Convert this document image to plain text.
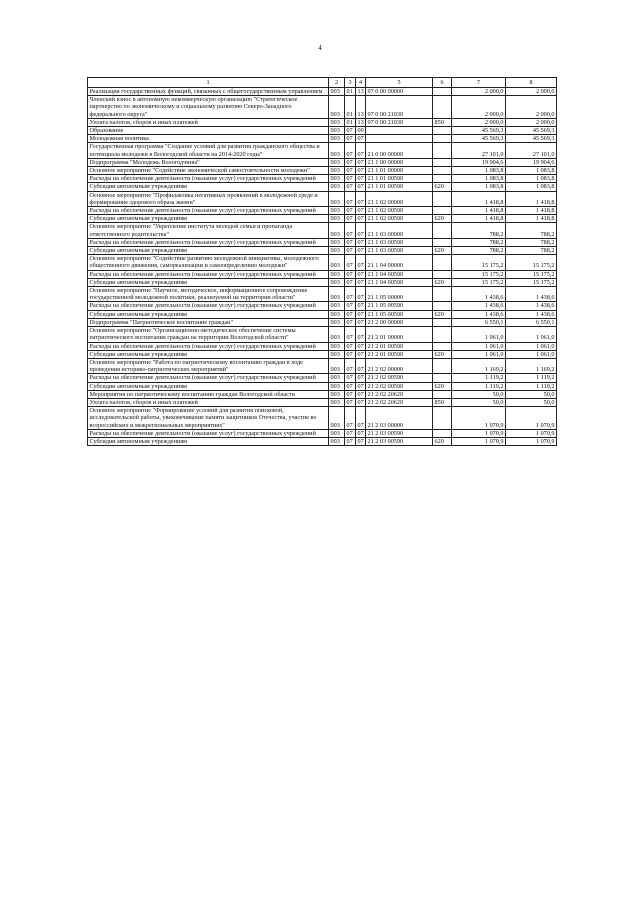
4
1	2	3	4	5	6	7	8
Реализация государственных функций, связанных с общегосударственным управлением	003	01	13	97 0 00 00000		2 000,0	2 000,0
Членский взнос в автономную некоммерческую организацию "Стратегическое партнерство по экономическому и социальному развитию Северо-Западного федерального округа"	003	01	13	97 0 00 21030		2 000,0	2 000,0
Уплата налогов, сборов и иных платежей	003	01	13	97 0 00 21030	850	2 000,0	2 000,0
Образование	003	07	00			45 569,3	45 569,3
Молодежная политика	003	07	07			45 569,3	45 569,3
Государственная программа "Создание условий для развития гражданского общества и потенциала молодежи в Вологодской области на 2014-2020 годы"	003	07	07	21 0 00 00000		27 101,0	27 101,0
Подпрограмма "Молодежь Вологодчины"	003	07	07	21 1 00 00000		19 904,6	19 904,6
Основное мероприятие "Содействие экономической самостоятельности молодежи"	003	07	07	21 1 01 00000		1 083,8	1 083,8
Расходы на обеспечение деятельности (оказание услуг) государственных учреждений	003	07	07	21 1 01 00590		1 083,8	1 083,8
Субсидии автономным учреждениям	003	07	07	21 1 01 00590	620	1 083,8	1 083,8
Основное мероприятие "Профилактика негативных проявлений в молодежной среде и формирование здорового образа жизни"	003	07	07	21 1 02 00000		1 418,8	1 418,8
Расходы на обеспечение деятельности (оказание услуг) государственных учреждений	003	07	07	21 1 02 00590		1 418,8	1 418,8
Субсидии автономным учреждениям	003	07	07	21 1 02 00590	620	1 418,8	1 418,8
Основное мероприятие "Укрепление института молодой семьи и пропаганда ответственного родительства"	003	07	07	21 1 03 00000		788,2	788,2
Расходы на обеспечение деятельности (оказание услуг) государственных учреждений	003	07	07	21 1 03 00590		788,2	788,2
Субсидии автономным учреждениям	003	07	07	21 1 03 00590	620	788,2	788,2
Основное мероприятие "Содействие развитию молодежной инициативы, молодежного общественного движения, самореализации и самоопределению молодежи"	003	07	07	21 1 04 00000		15 175,2	15 175,2
Расходы на обеспечение деятельности (оказание услуг) государственных учреждений	003	07	07	21 1 04 00590		15 175,2	15 175,2
Субсидии автономным учреждениям	003	07	07	21 1 04 00590	620	15 175,2	15 175,2
Основное мероприятие "Научное, методическое, информационное сопровождение государственной молодежной политики, реализуемой на территории области"	003	07	07	21 1 05 00000		1 438,6	1 438,6
Расходы на обеспечение деятельности (оказание услуг) государственных учреждений	003	07	07	21 1 05 00590		1 438,6	1 438,6
Субсидии автономным учреждениям	003	07	07	21 1 05 00590	620	1 438,6	1 438,6
Подпрограмма "Патриотическое воспитание граждан"	003	07	07	21 2 00 00000		6 550,1	6 550,1
Основное мероприятие "Организационно-методическое обеспечение системы патриотического воспитания граждан на территории Вологодской области"	003	07	07	21 2 01 00000		1 061,0	1 061,0
Расходы на обеспечение деятельности (оказание услуг) государственных учреждений	003	07	07	21 2 01 00590		1 061,0	1 061,0
Субсидии автономным учреждениям	003	07	07	21 2 01 00590	620	1 061,0	1 061,0
Основное мероприятие "Работа по патриотическому воспитанию граждан в ходе проведения историко-патриотических мероприятий"	003	07	07	21 2 02 00000		1 169,2	1 169,2
Расходы на обеспечение деятельности (оказание услуг) государственных учреждений	003	07	07	21 2 02 00590		1 119,2	1 119,2
Субсидии автономным учреждениям	003	07	07	21 2 02 00590	620	1 119,2	1 119,2
Мероприятия по патриотическому воспитанию граждан Вологодской области	003	07	07	21 2 02 20620		50,0	50,0
Уплата налогов, сборов и иных платежей	003	07	07	21 2 02 20620	850	50,0	50,0
Основное мероприятие "Формирование условий для развития поисковой, исследовательской работы, увековечивание памяти защитников Отечества, участие во всероссийских и межрегиональных мероприятиях"	003	07	07	21 2 03 00000		1 070,9	1 070,9
Расходы на обеспечение деятельности (оказание услуг) государственных учреждений	003	07	07	21 2 03 00590		1 070,9	1 070,9
Субсидии автономным учреждениям	003	07	07	21 2 03 00590	620	1 070,9	1 070,9
